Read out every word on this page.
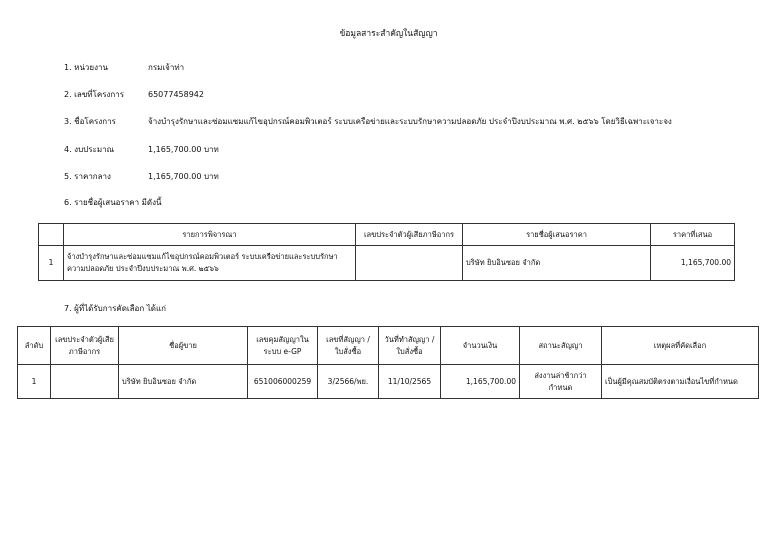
ข้อมูลสาระสำคัญในสัญญา
1. หน่วยงาน	กรมเจ้าท่า
2. เลขที่โครงการ	65077458942
3. ชื่อโครงการ	จ้างบำรุงรักษาและซ่อมแซมแก้ไขอุปกรณ์คอมพิวเตอร์ ระบบเครือข่ายและระบบรักษาความปลอดภัย ประจำปีงบประมาณ พ.ศ. ๒๕๖๖ โดยวิธีเฉพาะเจาะจง
4. งบประมาณ	1,165,700.00 บาท
5. ราคากลาง	1,165,700.00 บาท
6. รายชื่อผู้เสนอราคา มีดังนี้
	รายการพิจารณา	เลขประจำตัวผู้เสียภาษีอากร	รายชื่อผู้เสนอราคา	ราคาที่เสนอ
1	จ้างบำรุงรักษาและซ่อมแซมแก้ไขอุปกรณ์คอมพิวเตอร์ ระบบเครือข่ายและระบบรักษาความปลอดภัย ประจำปีงบประมาณ พ.ศ. ๒๕๖๖		บริษัท ยิบอินซอย จำกัด	1,165,700.00
7. ผู้ที่ได้รับการคัดเลือก ได้แก่
ลำดับ	เลขประจำตัวผู้เสียภาษีอากร	ชื่อผู้ขาย	เลขคุมสัญญาในระบบ e-GP	เลขที่สัญญา / ใบสั่งซื้อ	วันที่ทำสัญญา / ใบสั่งซื้อ	จำนวนเงิน	สถานะสัญญา	เหตุผลที่คัดเลือก
1		บริษัท ยิบอินซอย จำกัด	651006000259	3/2566/พย.	11/10/2565	1,165,700.00	ส่งงานล่าช้ากว่ากำหนด	เป็นผู้มีคุณสมบัติตรงตามเงื่อนไขที่กำหนด
